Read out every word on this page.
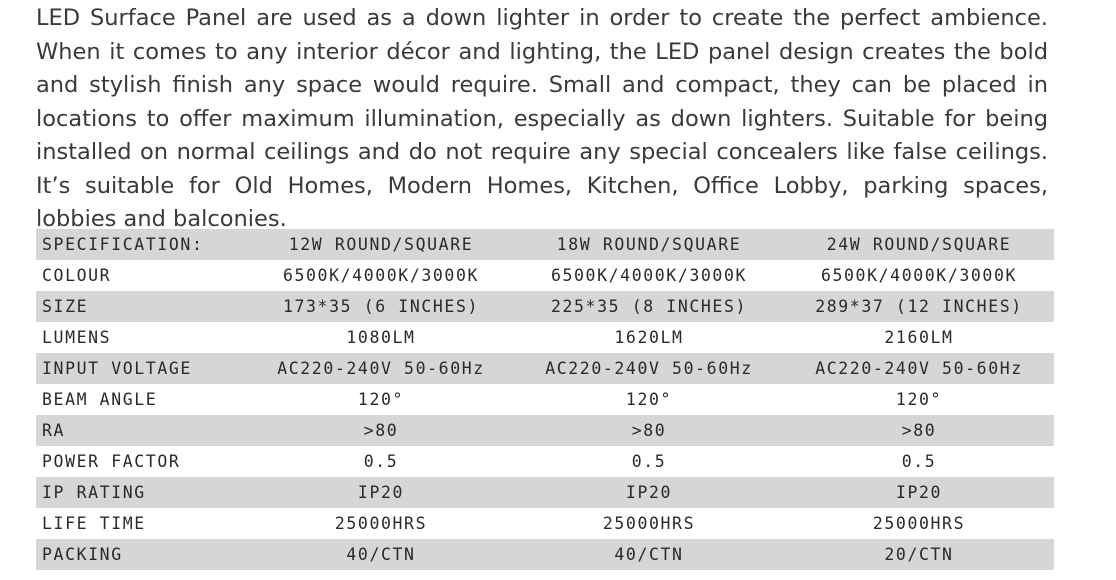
LED Surface Panel are used as a down lighter in order to create the perfect ambience. When it comes to any interior décor and lighting, the LED panel design creates the bold and stylish finish any space would require. Small and compact, they can be placed in locations to offer maximum illumination, especially as down lighters. Suitable for being installed on normal ceilings and do not require any special concealers like false ceilings. It’s suitable for Old Homes, Modern Homes, Kitchen, Office Lobby, parking spaces, lobbies and balconies.

SPECIFICATION:	12W ROUND/SQUARE	18W ROUND/SQUARE	24W ROUND/SQUARE
COLOUR	6500K/4000K/3000K	6500K/4000K/3000K	6500K/4000K/3000K
SIZE	173*35 (6 INCHES)	225*35 (8 INCHES)	289*37 (12 INCHES)
LUMENS	1080LM	1620LM	2160LM
INPUT VOLTAGE	AC220-240V 50-60Hz	AC220-240V 50-60Hz	AC220-240V 50-60Hz
BEAM ANGLE	120°	120°	120°
RA	>80	>80	>80
POWER FACTOR	0.5	0.5	0.5
IP RATING	IP20	IP20	IP20
LIFE TIME	25000HRS	25000HRS	25000HRS
PACKING	40/CTN	40/CTN	20/CTN
